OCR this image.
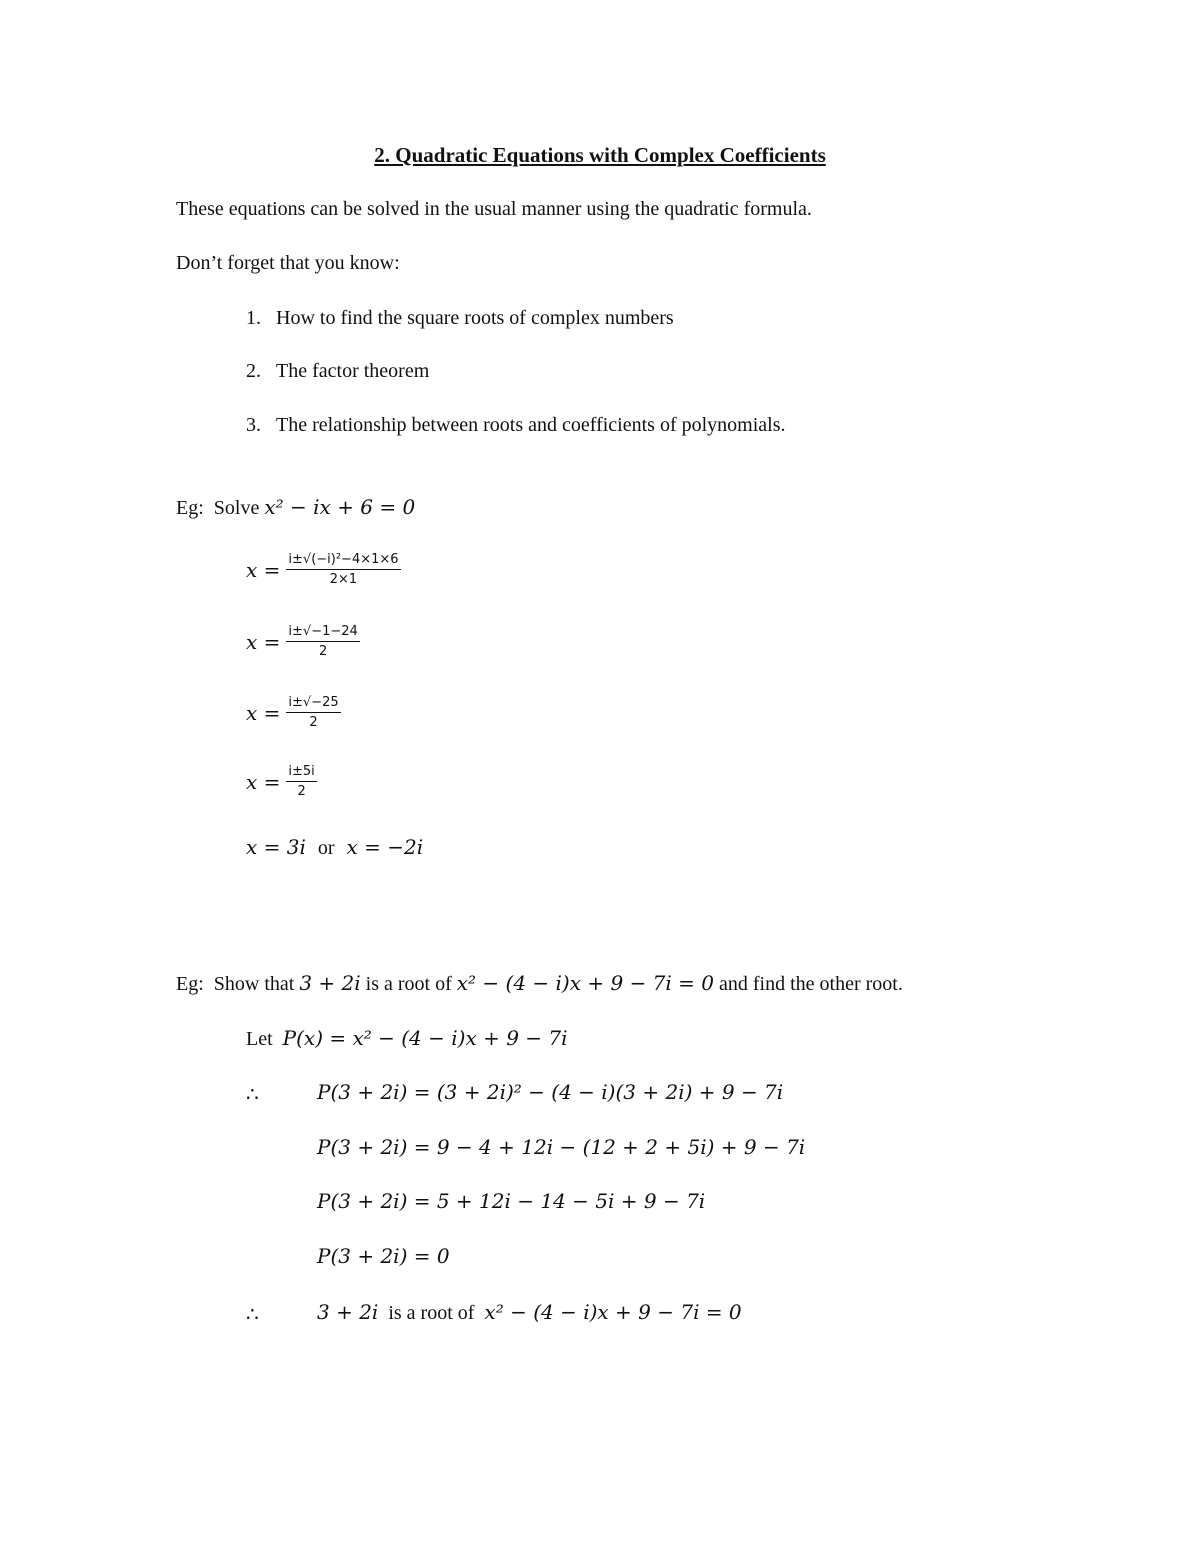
2. Quadratic Equations with Complex Coefficients
These equations can be solved in the usual manner using the quadratic formula.
Don’t forget that you know:
1. How to find the square roots of complex numbers
2. The factor theorem
3. The relationship between roots and coefficients of polynomials.
Eg: Solve x² − ix + 6 = 0
$x = \frac{\text{i±√(−i)²−4×1×6}}{2\times 1}$
$x = \frac{i\pm√-1-24}{2}$
$x = \frac{i\pm√-25}{2}$
$x = \frac{i\pm 5i}{2}$
x = 3i or x = −2i
Eg: Show that 3 + 2i is a root of x² − (4 − i)x + 9 − 7i = 0 and find the other root.
Let P(x) = x² − (4 − i)x + 9 − 7i
∴	P(3 + 2i) = (3 + 2i)² − (4 − i)(3 + 2i) + 9 − 7i
P(3 + 2i) = 9 − 4 + 12i − (12 + 2 + 5i) + 9 − 7i
P(3 + 2i) = 5 + 12i − 14 − 5i + 9 − 7i
P(3 + 2i) = 0
∴	3 + 2i is a root of x² − (4 − i)x + 9 − 7i = 0
